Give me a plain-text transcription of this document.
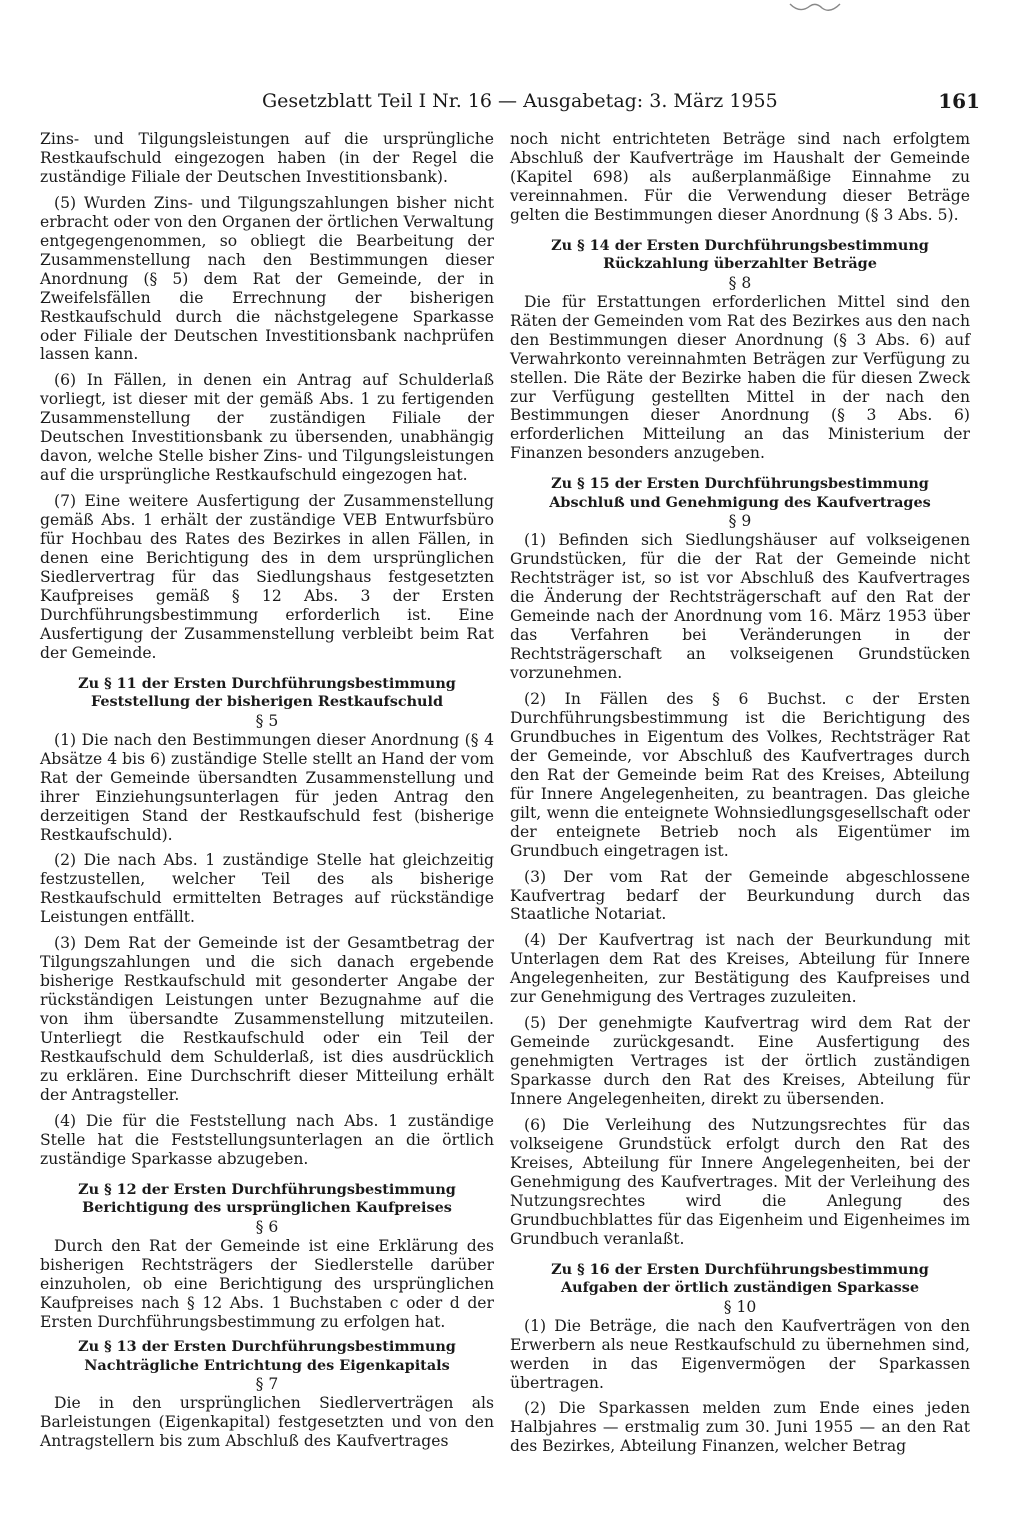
Gesetzblatt Teil I Nr. 16 — Ausgabetag: 3. März 1955	161

Zins- und Tilgungsleistungen auf die ursprüngliche Restkaufschuld eingezogen haben (in der Regel die zuständige Filiale der Deutschen Investitionsbank).

(5) Wurden Zins- und Tilgungszahlungen bisher nicht erbracht oder von den Organen der örtlichen Verwaltung entgegengenommen, so obliegt die Bearbeitung der Zusammenstellung nach den Bestimmungen dieser Anordnung (§ 5) dem Rat der Gemeinde, der in Zweifelsfällen die Errechnung der bisherigen Restkaufschuld durch die nächstgelegene Sparkasse oder Filiale der Deutschen Investitionsbank nachprüfen lassen kann.

(6) In Fällen, in denen ein Antrag auf Schulderlaß vorliegt, ist dieser mit der gemäß Abs. 1 zu fertigenden Zusammenstellung der zuständigen Filiale der Deutschen Investitionsbank zu übersenden, unabhängig davon, welche Stelle bisher Zins- und Tilgungsleistungen auf die ursprüngliche Restkaufschuld eingezogen hat.

(7) Eine weitere Ausfertigung der Zusammenstellung gemäß Abs. 1 erhält der zuständige VEB Entwurfsbüro für Hochbau des Rates des Bezirkes in allen Fällen, in denen eine Berichtigung des in dem ursprünglichen Siedlervertrag für das Siedlungshaus festgesetzten Kaufpreises gemäß § 12 Abs. 3 der Ersten Durchführungsbestimmung erforderlich ist. Eine Ausfertigung der Zusammenstellung verbleibt beim Rat der Gemeinde.

Zu § 11 der Ersten Durchführungsbestimmung
Feststellung der bisherigen Restkaufschuld
§ 5

(1) Die nach den Bestimmungen dieser Anordnung (§ 4 Absätze 4 bis 6) zuständige Stelle stellt an Hand der vom Rat der Gemeinde übersandten Zusammenstellung und ihrer Einziehungsunterlagen für jeden Antrag den derzeitigen Stand der Restkaufschuld fest (bisherige Restkaufschuld).

(2) Die nach Abs. 1 zuständige Stelle hat gleichzeitig festzustellen, welcher Teil des als bisherige Restkaufschuld ermittelten Betrages auf rückständige Leistungen entfällt.

(3) Dem Rat der Gemeinde ist der Gesamtbetrag der Tilgungszahlungen und die sich danach ergebende bisherige Restkaufschuld mit gesonderter Angabe der rückständigen Leistungen unter Bezugnahme auf die von ihm übersandte Zusammenstellung mitzuteilen. Unterliegt die Restkaufschuld oder ein Teil der Restkaufschuld dem Schulderlaß, ist dies ausdrücklich zu erklären. Eine Durchschrift dieser Mitteilung erhält der Antragsteller.

(4) Die für die Feststellung nach Abs. 1 zuständige Stelle hat die Feststellungsunterlagen an die örtlich zuständige Sparkasse abzugeben.

Zu § 12 der Ersten Durchführungsbestimmung
Berichtigung des ursprünglichen Kaufpreises
§ 6

Durch den Rat der Gemeinde ist eine Erklärung des bisherigen Rechtsträgers der Siedlerstelle darüber einzuholen, ob eine Berichtigung des ursprünglichen Kaufpreises nach § 12 Abs. 1 Buchstaben c oder d der Ersten Durchführungsbestimmung zu erfolgen hat.

Zu § 13 der Ersten Durchführungsbestimmung
Nachträgliche Entrichtung des Eigenkapitals
§ 7

Die in den ursprünglichen Siedlerverträgen als Barleistungen (Eigenkapital) festgesetzten und von den Antragstellern bis zum Abschluß des Kaufvertrages

noch nicht entrichteten Beträge sind nach erfolgtem Abschluß der Kaufverträge im Haushalt der Gemeinde (Kapitel 698) als außerplanmäßige Einnahme zu vereinnahmen. Für die Verwendung dieser Beträge gelten die Bestimmungen dieser Anordnung (§ 3 Abs. 5).

Zu § 14 der Ersten Durchführungsbestimmung
Rückzahlung überzahlter Beträge
§ 8

Die für Erstattungen erforderlichen Mittel sind den Räten der Gemeinden vom Rat des Bezirkes aus den nach den Bestimmungen dieser Anordnung (§ 3 Abs. 6) auf Verwahrkonto vereinnahmten Beträgen zur Verfügung zu stellen. Die Räte der Bezirke haben die für diesen Zweck zur Verfügung gestellten Mittel in der nach den Bestimmungen dieser Anordnung (§ 3 Abs. 6) erforderlichen Mitteilung an das Ministerium der Finanzen besonders anzugeben.

Zu § 15 der Ersten Durchführungsbestimmung
Abschluß und Genehmigung des Kaufvertrages
§ 9

(1) Befinden sich Siedlungshäuser auf volkseigenen Grundstücken, für die der Rat der Gemeinde nicht Rechtsträger ist, so ist vor Abschluß des Kaufvertrages die Änderung der Rechtsträgerschaft auf den Rat der Gemeinde nach der Anordnung vom 16. März 1953 über das Verfahren bei Veränderungen in der Rechtsträgerschaft an volkseigenen Grundstücken vorzunehmen.

(2) In Fällen des § 6 Buchst. c der Ersten Durchführungsbestimmung ist die Berichtigung des Grundbuches in Eigentum des Volkes, Rechtsträger Rat der Gemeinde, vor Abschluß des Kaufvertrages durch den Rat der Gemeinde beim Rat des Kreises, Abteilung für Innere Angelegenheiten, zu beantragen. Das gleiche gilt, wenn die enteignete Wohnsiedlungsgesellschaft oder der enteignete Betrieb noch als Eigentümer im Grundbuch eingetragen ist.

(3) Der vom Rat der Gemeinde abgeschlossene Kaufvertrag bedarf der Beurkundung durch das Staatliche Notariat.

(4) Der Kaufvertrag ist nach der Beurkundung mit Unterlagen dem Rat des Kreises, Abteilung für Innere Angelegenheiten, zur Bestätigung des Kaufpreises und zur Genehmigung des Vertrages zuzuleiten.

(5) Der genehmigte Kaufvertrag wird dem Rat der Gemeinde zurückgesandt. Eine Ausfertigung des genehmigten Vertrages ist der örtlich zuständigen Sparkasse durch den Rat des Kreises, Abteilung für Innere Angelegenheiten, direkt zu übersenden.

(6) Die Verleihung des Nutzungsrechtes für das volkseigene Grundstück erfolgt durch den Rat des Kreises, Abteilung für Innere Angelegenheiten, bei der Genehmigung des Kaufvertrages. Mit der Verleihung des Nutzungsrechtes wird die Anlegung des Grundbuchblattes für das Eigenheim und Eigenheimes im Grundbuch veranlaßt.

Zu § 16 der Ersten Durchführungsbestimmung
Aufgaben der örtlich zuständigen Sparkasse
§ 10

(1) Die Beträge, die nach den Kaufverträgen von den Erwerbern als neue Restkaufschuld zu übernehmen sind, werden in das Eigenvermögen der Sparkassen übertragen.

(2) Die Sparkassen melden zum Ende eines jeden Halbjahres — erstmalig zum 30. Juni 1955 — an den Rat des Bezirkes, Abteilung Finanzen, welcher Betrag
